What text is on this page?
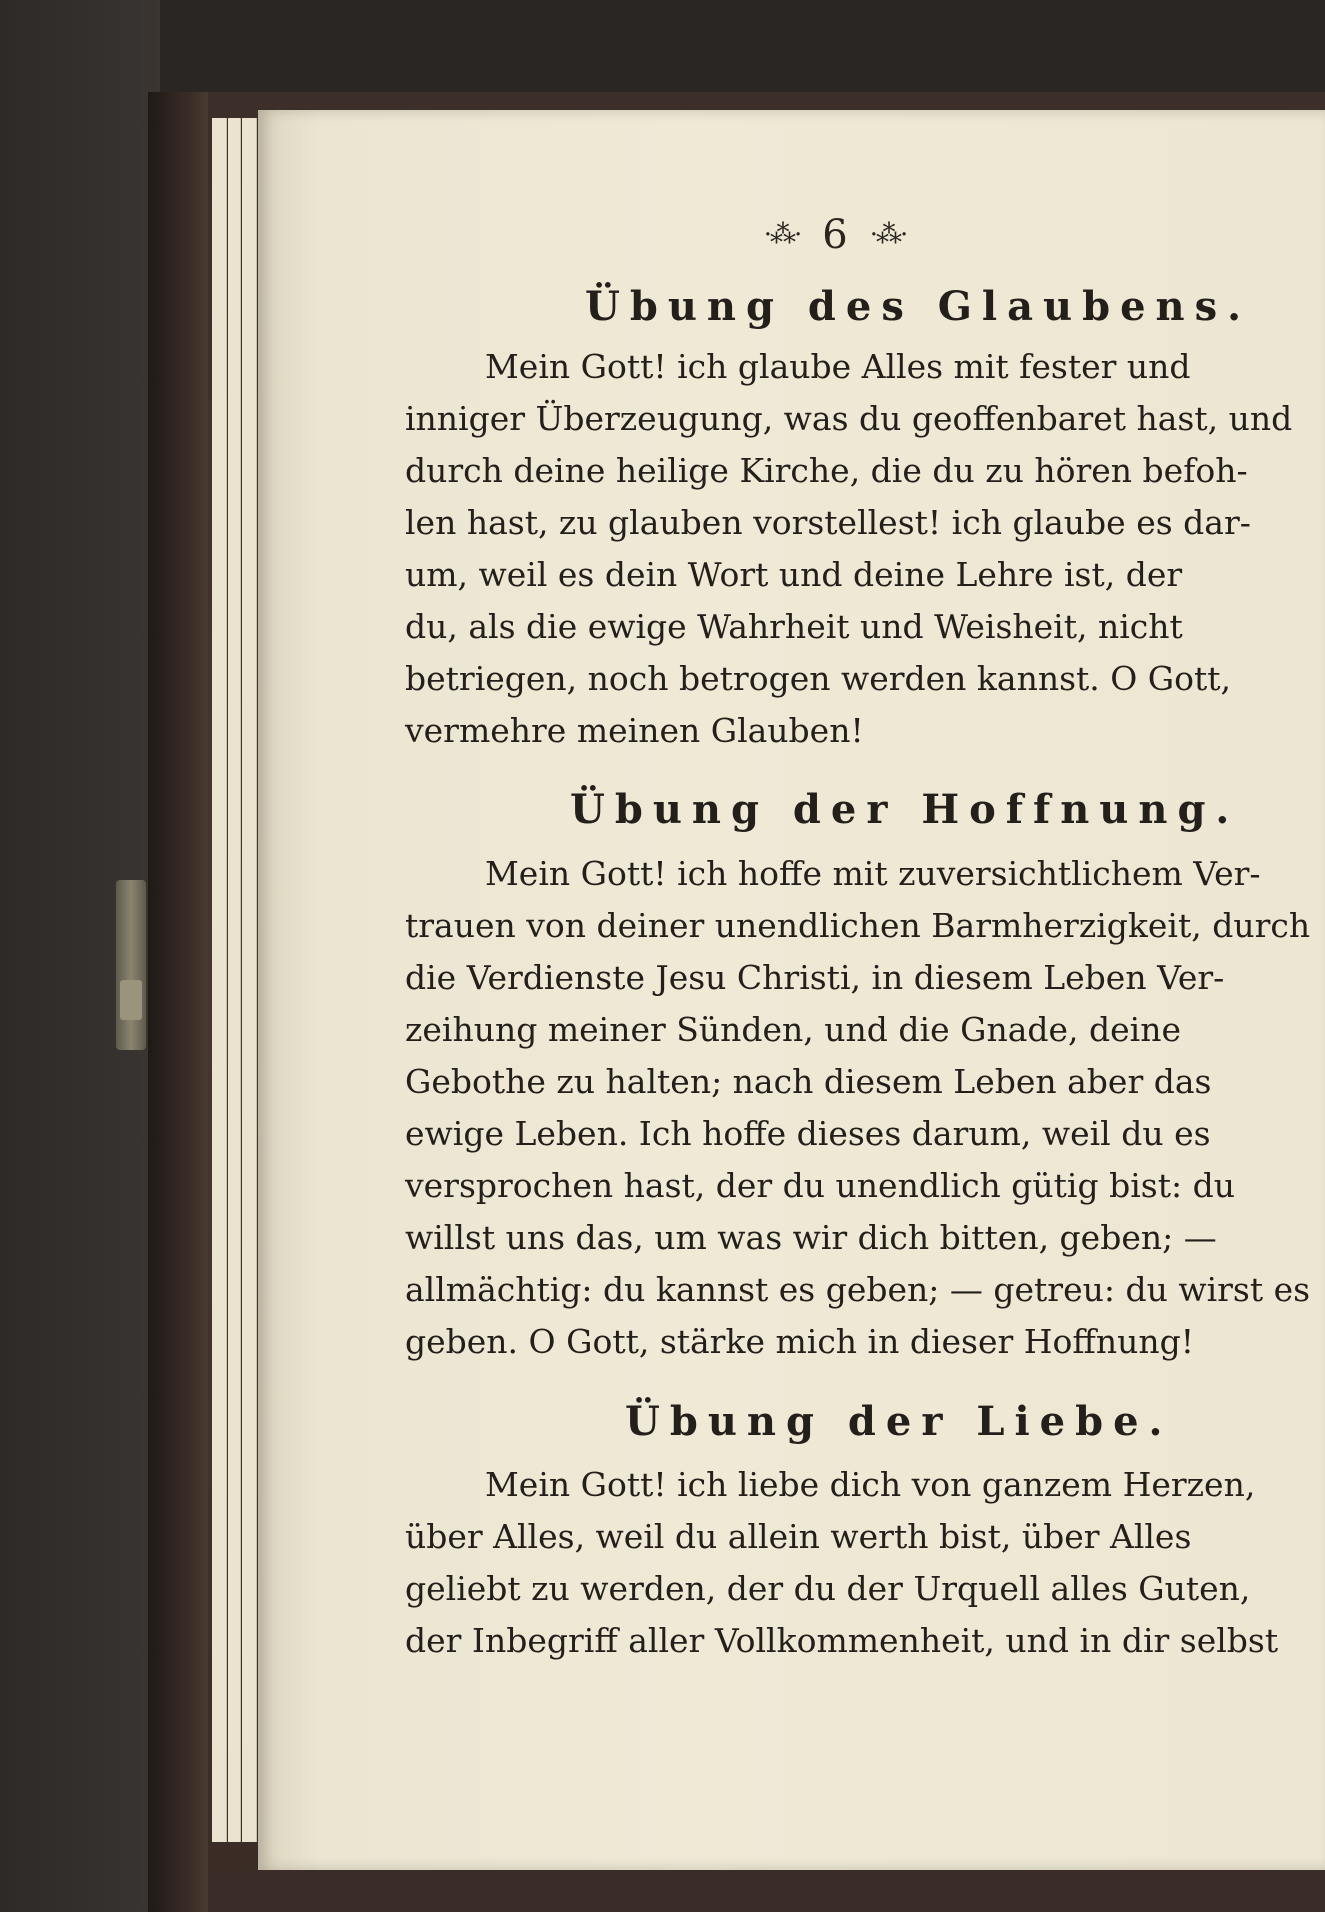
·⁂· 6 ·⁂·
Übung des Glaubens.
Mein Gott! ich glaube Alles mit fester und
inniger Überzeugung, was du geoffenbaret hast, und
durch deine heilige Kirche, die du zu hören befoh-
len hast, zu glauben vorstellest! ich glaube es dar-
um, weil es dein Wort und deine Lehre ist, der
du, als die ewige Wahrheit und Weisheit, nicht
betriegen, noch betrogen werden kannst. O Gott,
vermehre meinen Glauben!
Übung der Hoffnung.
Mein Gott! ich hoffe mit zuversichtlichem Ver-
trauen von deiner unendlichen Barmherzigkeit, durch
die Verdienste Jesu Christi, in diesem Leben Ver-
zeihung meiner Sünden, und die Gnade, deine
Gebothe zu halten; nach diesem Leben aber das
ewige Leben. Ich hoffe dieses darum, weil du es
versprochen hast, der du unendlich gütig bist: du
willst uns das, um was wir dich bitten, geben; —
allmächtig: du kannst es geben; — getreu: du wirst es
geben. O Gott, stärke mich in dieser Hoffnung!
Übung der Liebe.
Mein Gott! ich liebe dich von ganzem Herzen,
über Alles, weil du allein werth bist, über Alles
geliebt zu werden, der du der Urquell alles Guten,
der Inbegriff aller Vollkommenheit, und in dir selbst
